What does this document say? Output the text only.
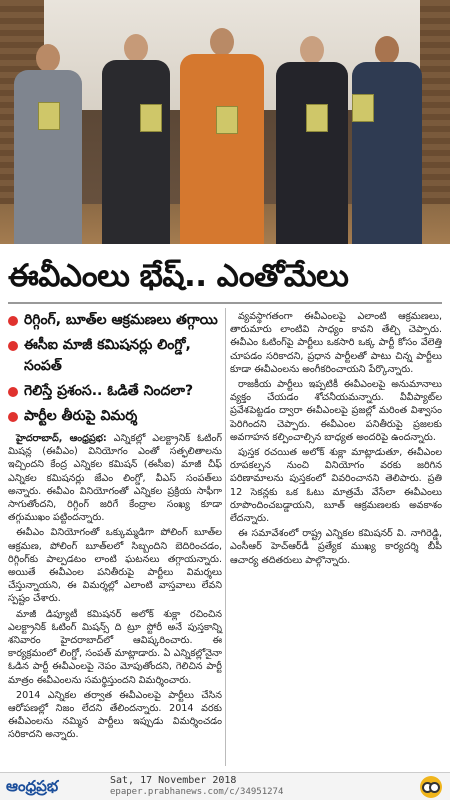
ఈవీఎంలు భేష్.. ఎంతోమేలు
రిగ్గింగ్, బూత్‌ల ఆక్రమణలు తగ్గాయి
ఈసీఐ మాజీ కమిషనర్లు లింగ్డో, సంపత్
గెలిస్తే ప్రశంస.. ఓడితే నిందలా?
పార్టీల తీరుపై విమర్శ

హైదరాబాద్, ఆంధ్రప్రభ: ఎన్నికల్లో ఎలక్ట్రానిక్ ఓటింగ్ మిషన్ల (ఈవీఎం) వినియోగం ఎంతో సత్ఫలితాలను ఇచ్చిందని కేంద్ర ఎన్నికల కమిషన్ (ఈసీఐ) మాజీ చీఫ్ ఎన్నికల కమిషనర్లు జేఎం లింగ్డో, వీఎస్ సంపత్‌లు అన్నారు. ఈవీఎం వినియోగంతో ఎన్నికల ప్రక్రియ సాఫీగా సాగుతోందని, రిగ్గింగ్ జరిగే కేంద్రాల సంఖ్య కూడా తగ్గుముఖం పట్టిందన్నారు.

ఈవీఎం వినియోగంతో ఒక్కుమ్మడిగా పోలింగ్ బూత్‌ల ఆక్రమణ, పోలింగ్ బూత్‌లలో సిబ్బందిని బెదిరించడం, రిగ్గింగ్‌కు పాల్పడటం లాంటి ఘటనలు తగ్గాయన్నారు. అయితే ఈవీఎంల పనితీరుపై పార్టీలు విమర్శలు చేస్తున్నాయని, ఈ విమర్శల్లో ఎలాంటి వాస్తవాలు లేవని స్పష్టం చేశారు.

మాజీ డిప్యూటీ కమిషనర్ అలోక్ శుక్లా రచించిన ఎలక్ట్రానిక్ ఓటింగ్ మిషన్స్ ది ట్రూ స్టోరీ అనే పుస్తకాన్ని శనివారం హైదరాబాద్‌లో ఆవిష్కరించారు. ఈ కార్యక్రమంలో లింగ్డో, సంపత్ మాట్లాడారు. ఏ ఎన్నికల్లోనైనా ఓడిన పార్టీ ఈవీఎంలపై నెపం మోపుతోందని, గెలిచిన పార్టీ మాత్రం ఈవీఎంలను సమర్థిస్తుందని విమర్శించారు.

2014 ఎన్నికల తర్వాత ఈవీఎంలపై పార్టీలు చేసిన ఆరోపణల్లో నిజం లేదని తేలిందన్నారు. 2014 వరకు ఈవీఎంలను నమ్మిన పార్టీలు ఇప్పుడు విమర్శించడం సరికాదని అన్నారు.

వ్యవస్థాగతంగా ఈవీఎంలపై ఎలాంటి ఆక్రమణలు, తారుమారు లాంటివి సాధ్యం కావని తేల్చి చెప్పారు. ఈవీఎం ఓటింగ్‌పై పార్టీలు ఒకసారి ఒక్క పార్టీ కోసం వేలెత్తి చూపడం సరికాదని, ప్రధాన పార్టీలతో పాటు చిన్న పార్టీలు కూడా ఈవీఎంలను అంగీకరించాయని పేర్కొన్నారు.

రాజకీయ పార్టీలు ఇప్పటికీ ఈవీఎంలపై అనుమానాలు వ్యక్తం చేయడం శోచనీయమన్నారు. వీవీప్యాట్‌ల ప్రవేశపెట్టడం ద్వారా ఈవీఎంలపై ప్రజల్లో మరింత విశ్వాసం పెరిగిందని చెప్పారు. ఈవీఎంల పనితీరుపై ప్రజలకు అవగాహన కల్పించాల్సిన బాధ్యత అందరిపై ఉందన్నారు.

పుస్తక రచయిత అలోక్ శుక్లా మాట్లాడుతూ, ఈవీఎంల రూపకల్పన నుంచి వినియోగం వరకు జరిగిన పరిణామాలను పుస్తకంలో వివరించానని తెలిపారు. ప్రతి 12 సెకన్లకు ఒక ఓటు మాత్రమే వేసేలా ఈవీఎంలు రూపొందించబడ్డాయని, బూత్ ఆక్రమణలకు అవకాశం లేదన్నారు.

ఈ సమావేశంలో రాష్ట్ర ఎన్నికల కమిషనర్ వి. నాగిరెడ్డి, ఎంసీఆర్ హెచ్‌ఆర్‌డీ ప్రత్యేక ముఖ్య కార్యదర్శి బీపీ ఆచార్య తదితరులు పాల్గొన్నారు.

ఆంధ్రప్రభ	Sat, 17 November 2018
epaper.prabhanews.com/c/34951274
